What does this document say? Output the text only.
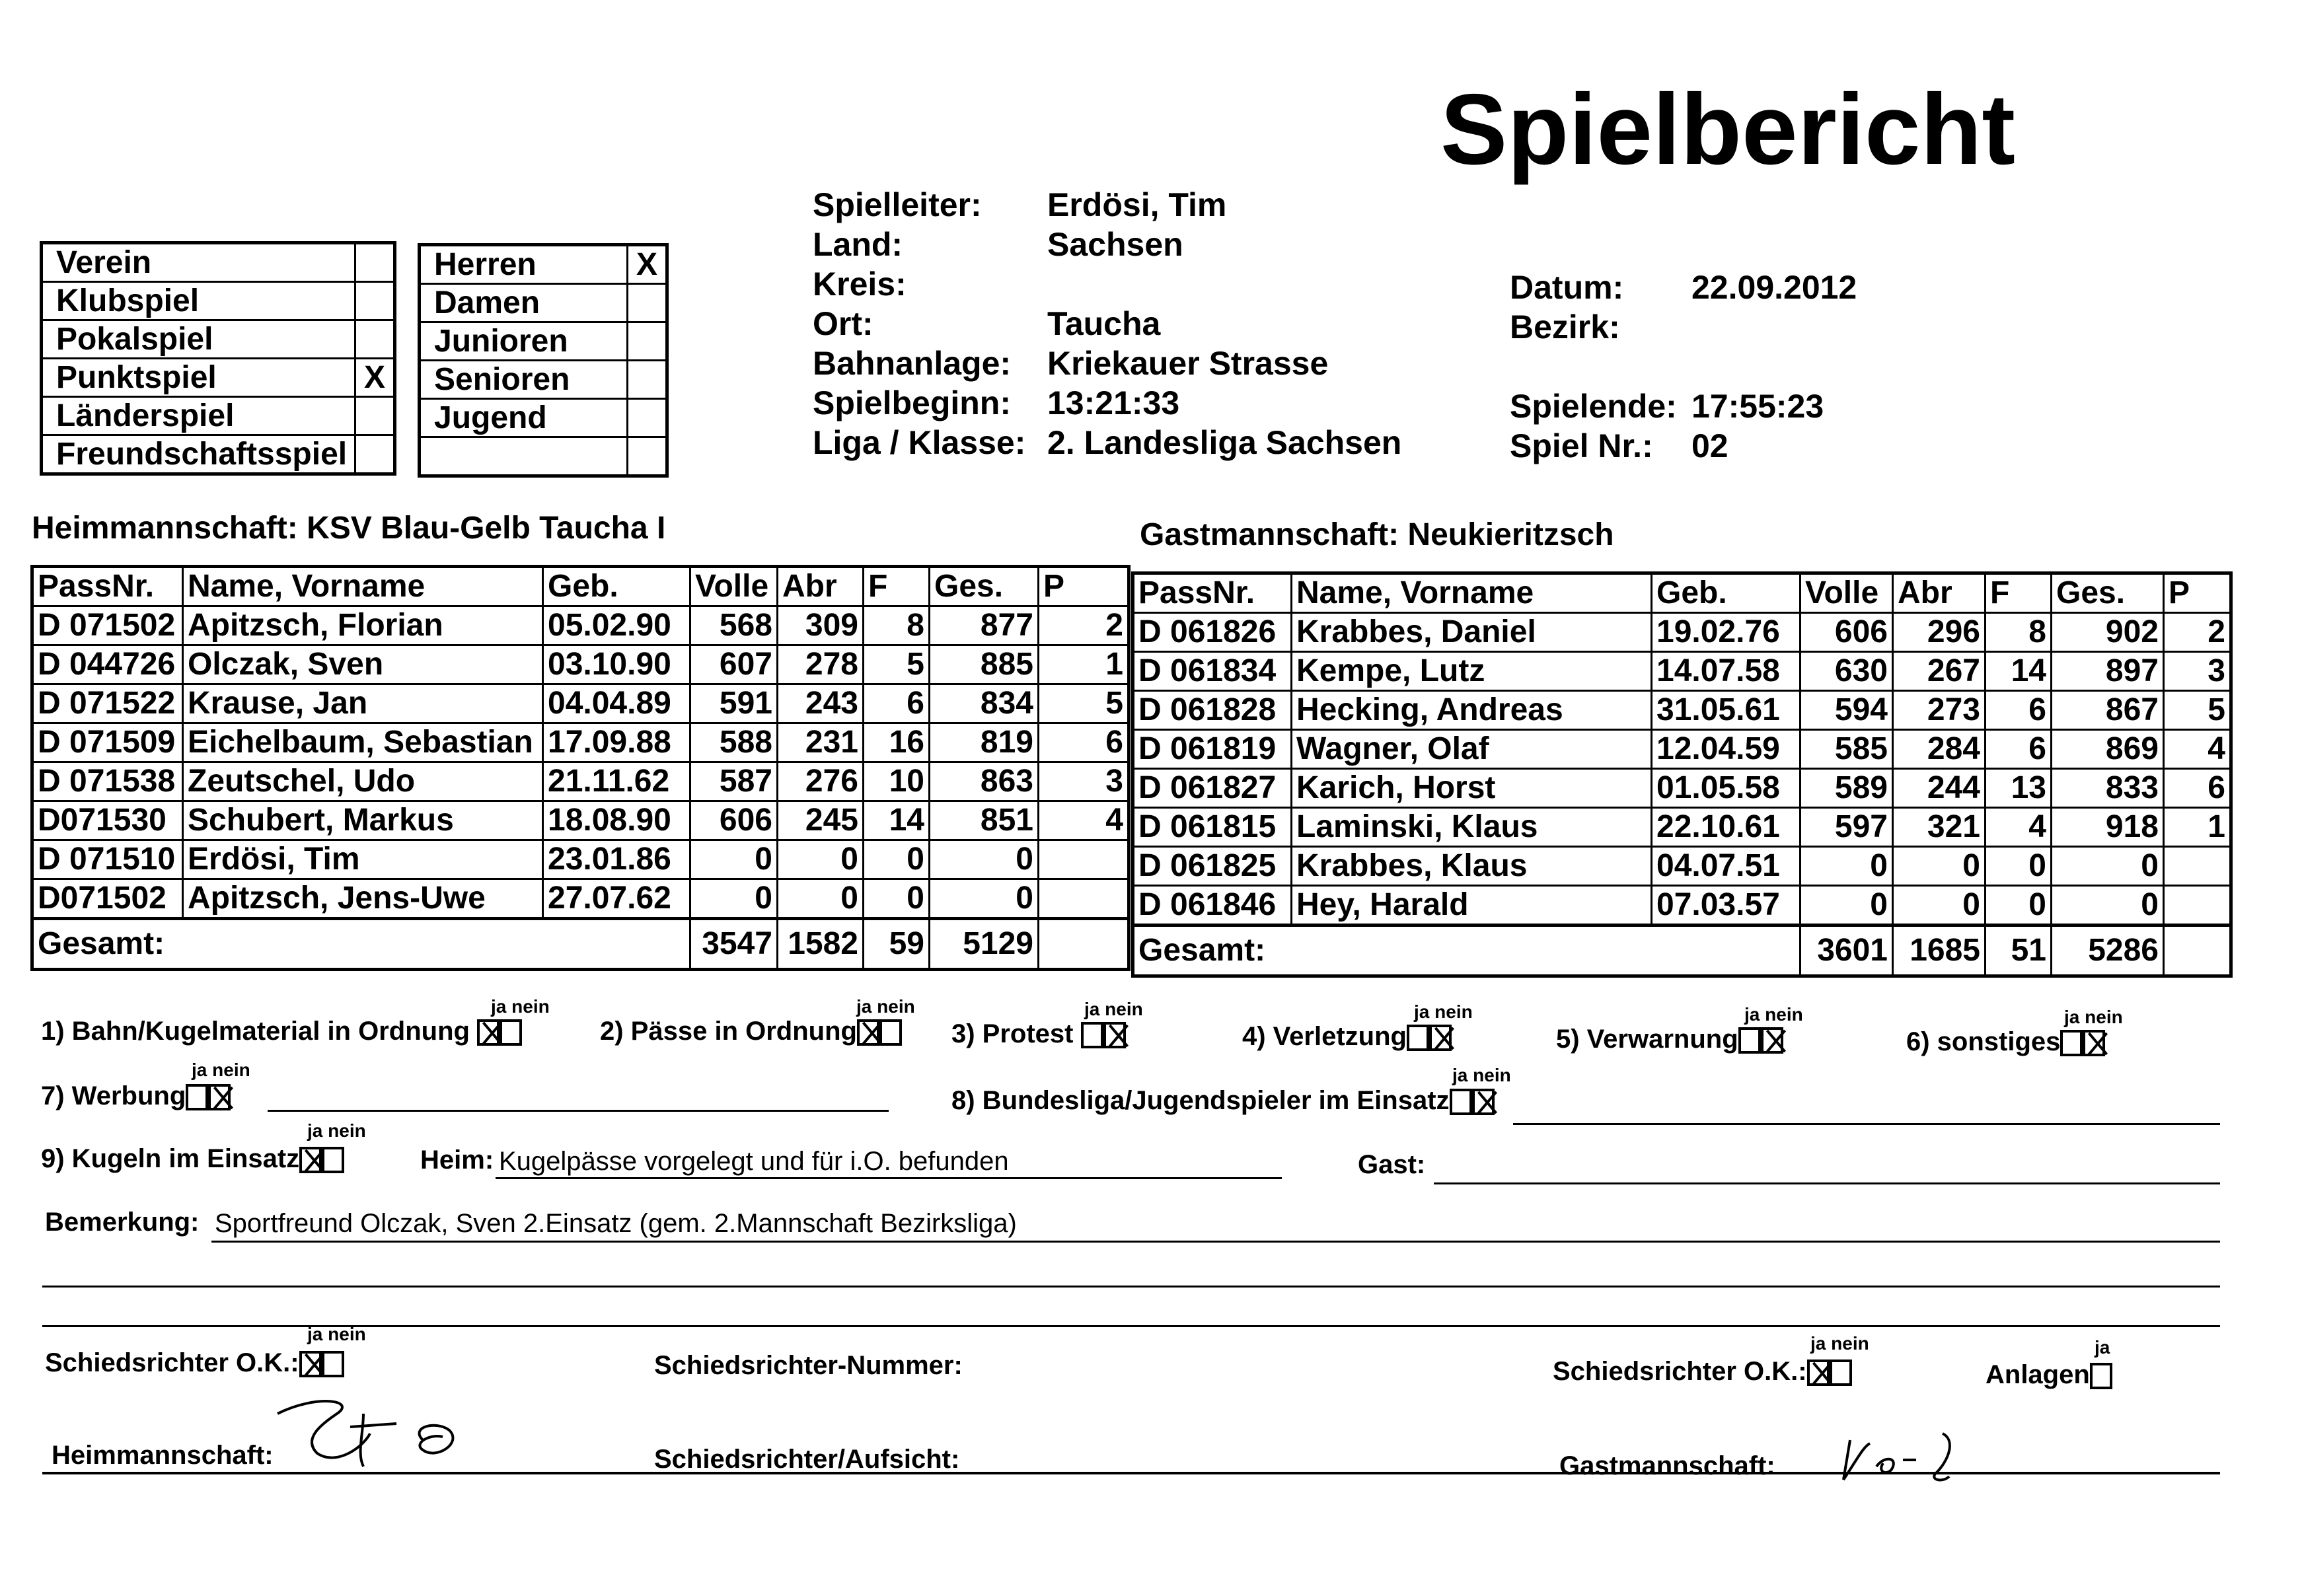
Spielbericht
Spielleiter: Erdösi, Tim
Land:	Sachsen
Kreis:
Ort:	Taucha
Bahnanlage: Kriekauer Strasse
Spielbeginn: 13:21:33
Liga / Klasse: 2. Landesliga Sachsen
Datum: 22.09.2012
Bezirk:
Spielende: 17:55:23
Spiel Nr.: 02
Verein	
Klubspiel	
Pokalspiel	
Punktspiel	X
Länderspiel	
Freundschaftsspiel	
Herren	X
Damen	
Junioren	
Senioren	
Jugend	

Heimmannschaft: KSV Blau-Gelb Taucha I	Gastmannschaft: Neukieritzsch
PassNr.	Name, Vorname	Geb.	Volle	Abr	F	Ges.	P
D 071502	Apitzsch, Florian	05.02.90	568	309	8	877	2
D 044726	Olczak, Sven	03.10.90	607	278	5	885	1
D 071522	Krause, Jan	04.04.89	591	243	6	834	5
D 071509	Eichelbaum, Sebastian	17.09.88	588	231	16	819	6
D 071538	Zeutschel, Udo	21.11.62	587	276	10	863	3
D071530	Schubert, Markus	18.08.90	606	245	14	851	4
D 071510	Erdösi, Tim	23.01.86	0	0	0	0	
D071502	Apitzsch, Jens-Uwe	27.07.62	0	0	0	0	
Gesamt:			3547	1582	59	5129	
PassNr.	Name, Vorname	Geb.	Volle	Abr	F	Ges.	P
D 061826	Krabbes, Daniel	19.02.76	606	296	8	902	2
D 061834	Kempe, Lutz	14.07.58	630	267	14	897	3
D 061828	Hecking, Andreas	31.05.61	594	273	6	867	5
D 061819	Wagner, Olaf	12.04.59	585	284	6	869	4
D 061827	Karich, Horst	01.05.58	589	244	13	833	6
D 061815	Laminski, Klaus	22.10.61	597	321	4	918	1
D 061825	Krabbes, Klaus	04.07.51	0	0	0	0	
D 061846	Hey, Harald	07.03.57	0	0	0	0	
Gesamt:			3601	1685	51	5286	
1) Bahn/Kugelmaterial in Ordnung
ja nein
2) Pässe in Ordnung
ja nein
3) Protest
ja nein
4) Verletzung
ja nein
5) Verwarnung
ja nein
6) sonstiges
ja nein
7) Werbung
ja nein
8) Bundesliga/Jugendspieler im Einsatz
ja nein
9) Kugeln im Einsatz
ja nein
Heim: Kugelpässe vorgelegt und für i.O. befunden	Gast:
Bemerkung: Sportfreund Olczak, Sven 2.Einsatz (gem. 2.Mannschaft Bezirksliga)
Schiedsrichter O.K.:
ja nein
Schiedsrichter-Nummer:	Schiedsrichter O.K.:
ja nein
Anlagen
ja
Heimmannschaft:	Schiedsrichter/Aufsicht:	Gastmannschaft:
